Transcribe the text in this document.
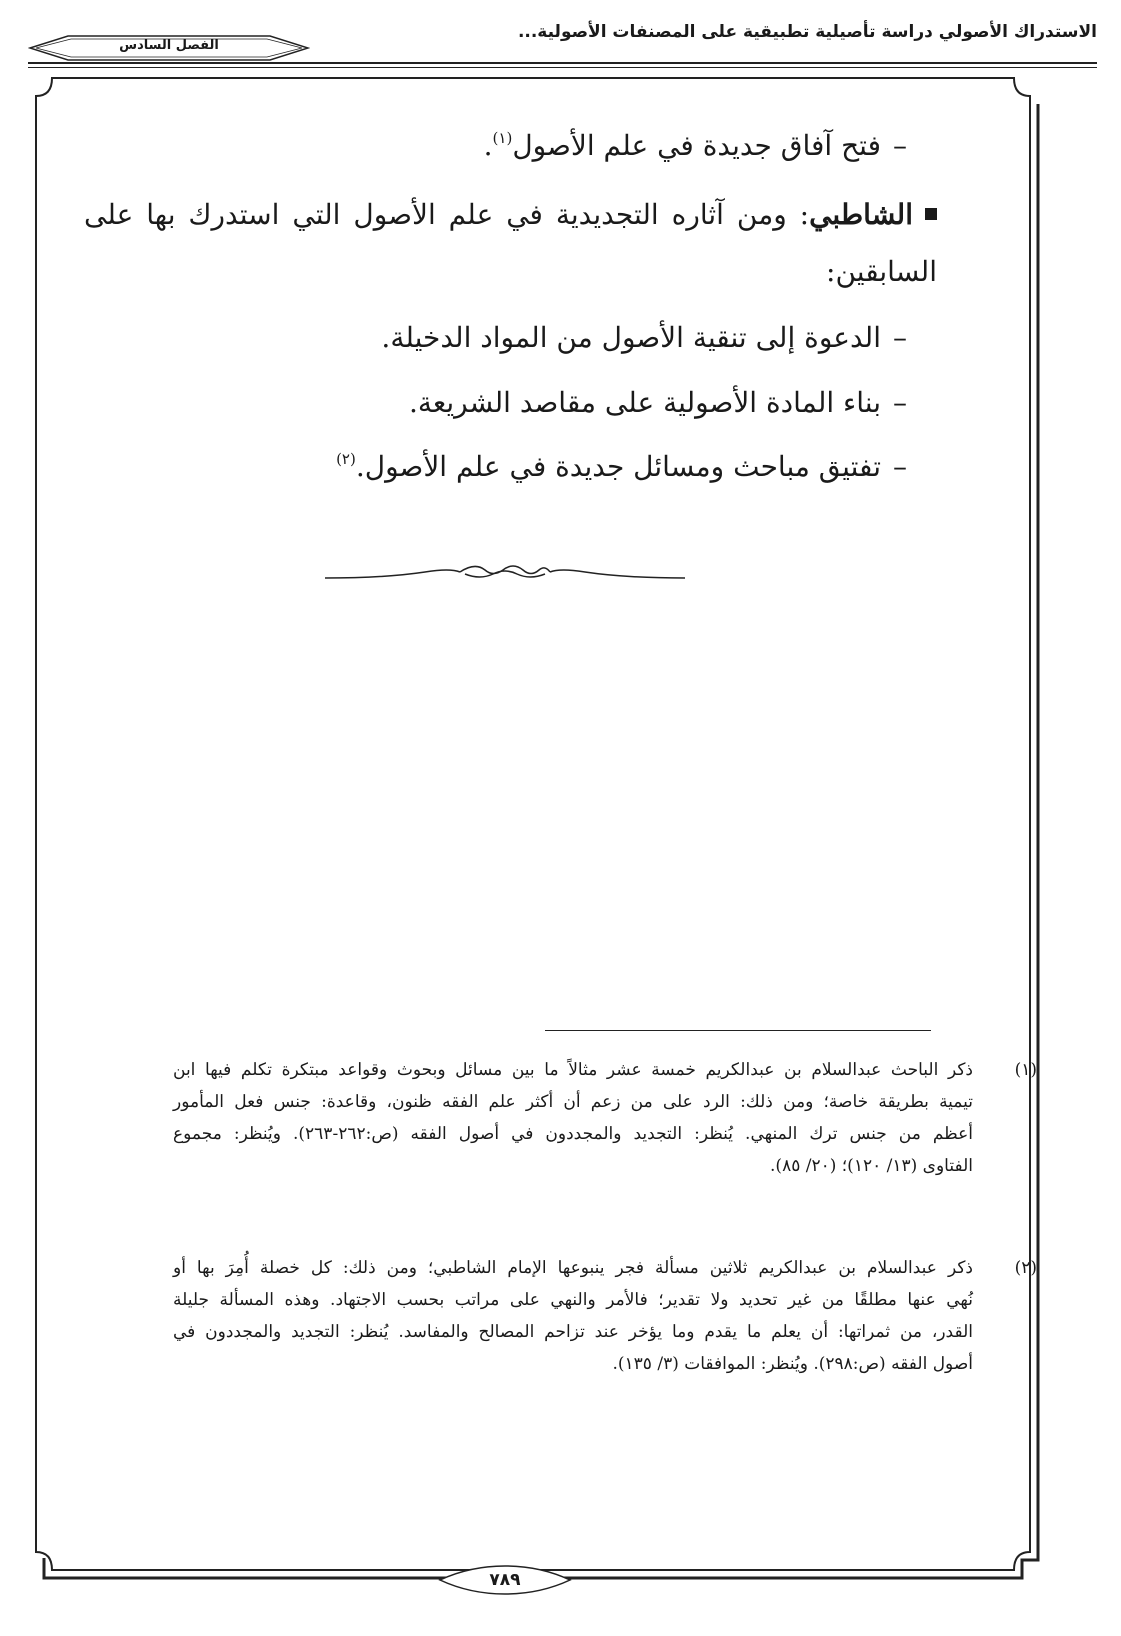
الاستدراك الأصولي دراسة تأصيلية تطبيقية على المصنفات الأصولية...
الفصل السادس
–فتح آفاق جديدة في علم الأصول$^{(١)}$.
الشاطبي: ومن آثاره التجديدية في علم الأصول التي استدرك بها على
السابقين:
–الدعوة إلى تنقية الأصول من المواد الدخيلة.
–بناء المادة الأصولية على مقاصد الشريعة.
–تفتيق مباحث ومسائل جديدة في علم الأصول.$^{(٢)}$
(١)
ذكر الباحث عبدالسلام بن عبدالكريم خمسة عشر مثالاً ما بين مسائل وبحوث وقواعد مبتكرة تكلم فيها ابن
تيمية بطريقة خاصة؛ ومن ذلك: الرد على من زعم أن أكثر علم الفقه ظنون، وقاعدة: جنس فعل المأمور
أعظم من جنس ترك المنهي. يُنظر: التجديد والمجددون في أصول الفقه (ص:٢٦٢-٢٦٣). ويُنظر: مجموع
الفتاوى (١٣/ ١٢٠)؛ (٢٠/ ٨٥).
(٢)
ذكر عبدالسلام بن عبدالكريم ثلاثين مسألة فجر ينبوعها الإمام الشاطبي؛ ومن ذلك: كل خصلة أُمِرَ بها أو
نُهي عنها مطلقًا من غير تحديد ولا تقدير؛ فالأمر والنهي على مراتب بحسب الاجتهاد. وهذه المسألة جليلة
القدر، من ثمراتها: أن يعلم ما يقدم وما يؤخر عند تزاحم المصالح والمفاسد. يُنظر: التجديد والمجددون في
أصول الفقه (ص:٢٩٨). ويُنظر: الموافقات (٣/ ١٣٥).
٧٨٩
